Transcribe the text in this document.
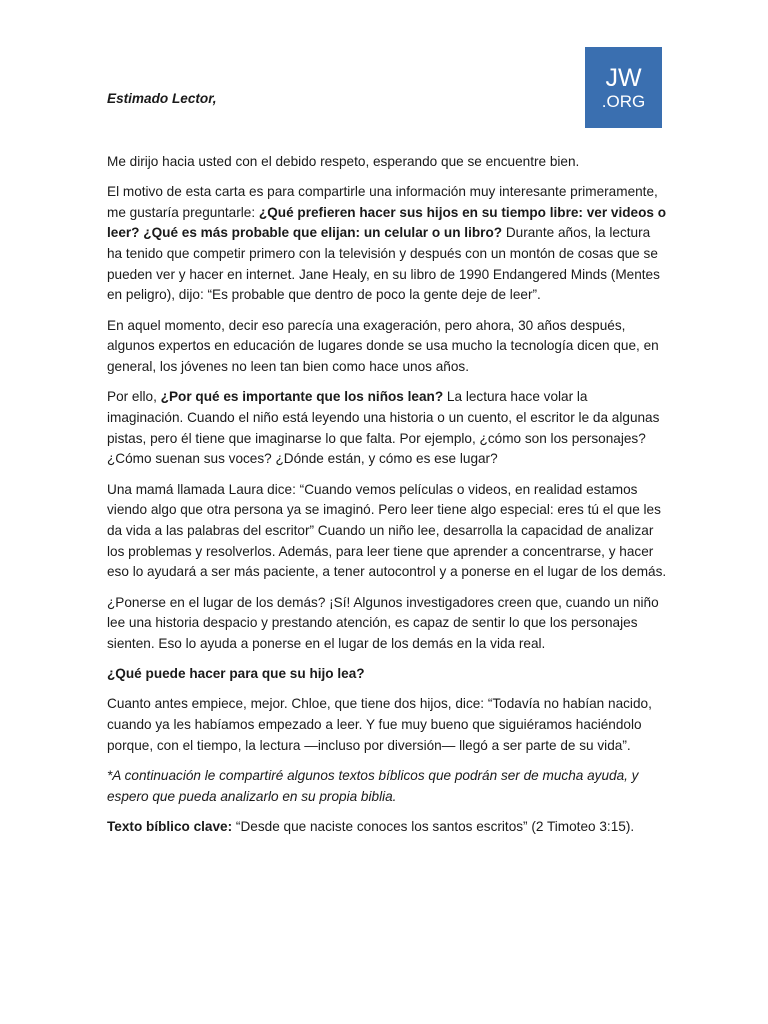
JW
.ORG

Estimado Lector,

Me dirijo hacia usted con el debido respeto, esperando que se encuentre bien.

El motivo de esta carta es para compartirle una información muy interesante primeramente, me gustaría preguntarle: ¿Qué prefieren hacer sus hijos en su tiempo libre: ver videos o leer? ¿Qué es más probable que elijan: un celular o un libro? Durante años, la lectura ha tenido que competir primero con la televisión y después con un montón de cosas que se pueden ver y hacer en internet. Jane Healy, en su libro de 1990 Endangered Minds (Mentes en peligro), dijo: “Es probable que dentro de poco la gente deje de leer”.

En aquel momento, decir eso parecía una exageración, pero ahora, 30 años después, algunos expertos en educación de lugares donde se usa mucho la tecnología dicen que, en general, los jóvenes no leen tan bien como hace unos años.

Por ello, ¿Por qué es importante que los niños lean? La lectura hace volar la imaginación. Cuando el niño está leyendo una historia o un cuento, el escritor le da algunas pistas, pero él tiene que imaginarse lo que falta. Por ejemplo, ¿cómo son los personajes? ¿Cómo suenan sus voces? ¿Dónde están, y cómo es ese lugar?

Una mamá llamada Laura dice: “Cuando vemos películas o videos, en realidad estamos viendo algo que otra persona ya se imaginó. Pero leer tiene algo especial: eres tú el que les da vida a las palabras del escritor” Cuando un niño lee, desarrolla la capacidad de analizar los problemas y resolverlos. Además, para leer tiene que aprender a concentrarse, y hacer eso lo ayudará a ser más paciente, a tener autocontrol y a ponerse en el lugar de los demás.

¿Ponerse en el lugar de los demás? ¡Sí! Algunos investigadores creen que, cuando un niño lee una historia despacio y prestando atención, es capaz de sentir lo que los personajes sienten. Eso lo ayuda a ponerse en el lugar de los demás en la vida real.

¿Qué puede hacer para que su hijo lea?

Cuanto antes empiece, mejor. Chloe, que tiene dos hijos, dice: “Todavía no habían nacido, cuando ya les habíamos empezado a leer. Y fue muy bueno que siguiéramos haciéndolo porque, con el tiempo, la lectura —incluso por diversión— llegó a ser parte de su vida”.

*A continuación le compartiré algunos textos bíblicos que podrán ser de mucha ayuda, y espero que pueda analizarlo en su propia biblia.

Texto bíblico clave: “Desde que naciste conoces los santos escritos” (2 Timoteo 3:15).
